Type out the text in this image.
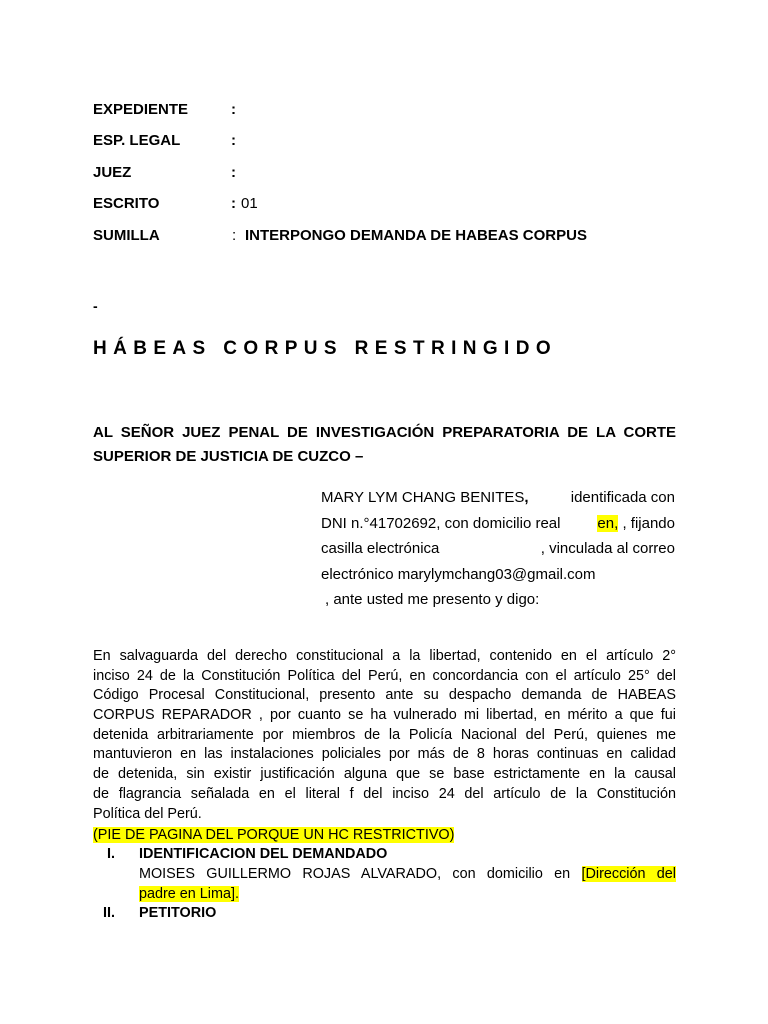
EXPEDIENTE	:
ESP. LEGAL	:
JUEZ	:
ESCRITO	: 01
SUMILLA	: INTERPONGO DEMANDA DE HABEAS CORPUS
-
HÁBEAS CORPUS RESTRINGIDO
AL SEÑOR JUEZ PENAL DE INVESTIGACIÓN PREPARATORIA DE LA CORTE SUPERIOR DE JUSTICIA DE CUZCO –
MARY LYM CHANG BENITES,	identificada con
DNI n.°41702692, con domicilio real en, , fijando
casilla electrónica	, vinculada al correo
electrónico marylymchang03@gmail.com
, ante usted me presento y digo:
En salvaguarda del derecho constitucional a la libertad, contenido en el artículo 2°
inciso 24 de la Constitución Política del Perú, en concordancia con el artículo 25° del
Código Procesal Constitucional, presento ante su despacho demanda de HABEAS
CORPUS REPARADOR , por cuanto se ha vulnerado mi libertad, en mérito a que fui
detenida arbitrariamente por miembros de la Policía Nacional del Perú, quienes me
mantuvieron en las instalaciones policiales por más de 8 horas continuas en calidad
de detenida, sin existir justificación alguna que se base estrictamente en la causal
de flagrancia señalada en el literal f del inciso 24 del artículo de la Constitución
Política del Perú.
(PIE DE PAGINA DEL PORQUE UN HC RESTRICTIVO)
I. IDENTIFICACION DEL DEMANDADO
MOISES GUILLERMO ROJAS ALVARADO, con domicilio en [Dirección del
padre en Lima].
II. PETITORIO
